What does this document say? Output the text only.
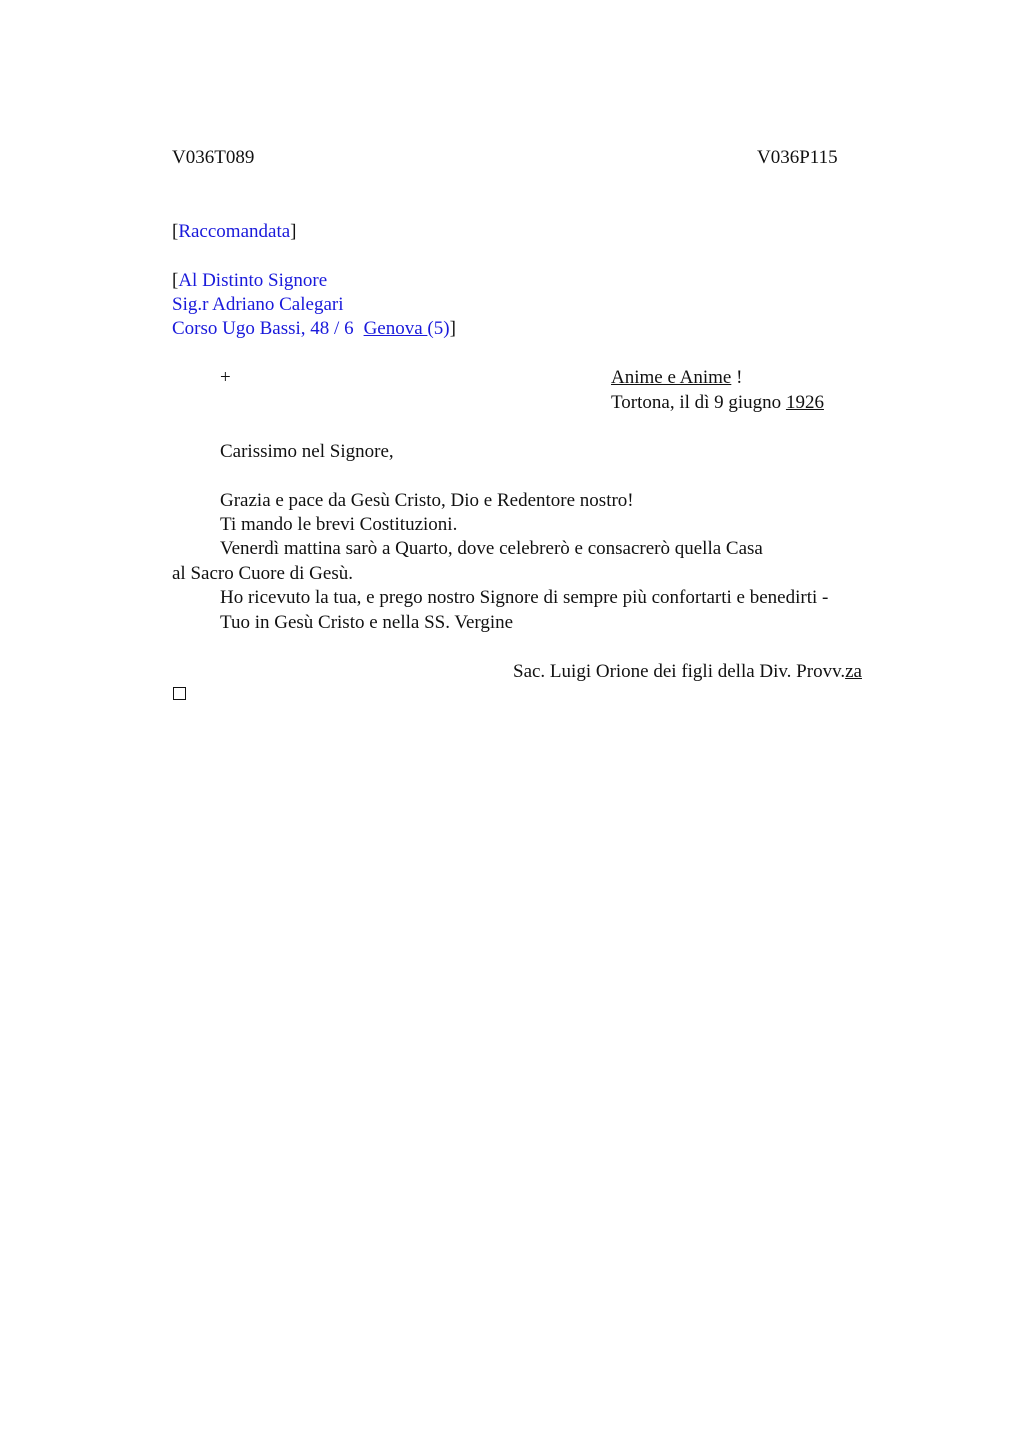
V036T089	V036P115
[Raccomandata]
[Al Distinto Signore
Sig.r Adriano Calegari
Corso Ugo Bassi, 48 / 6 Genova (5)]
+	Anime e Anime !
Tortona, il dì 9 giugno 1926
Carissimo nel Signore,
Grazia e pace da Gesù Cristo, Dio e Redentore nostro!
Ti mando le brevi Costituzioni.
Venerdì mattina sarò a Quarto, dove celebrerò e consacrerò quella Casa
al Sacro Cuore di Gesù.
Ho ricevuto la tua, e prego nostro Signore di sempre più confortarti e benedirti -
Tuo in Gesù Cristo e nella SS. Vergine
Sac. Luigi Orione dei figli della Div. Provv.za
